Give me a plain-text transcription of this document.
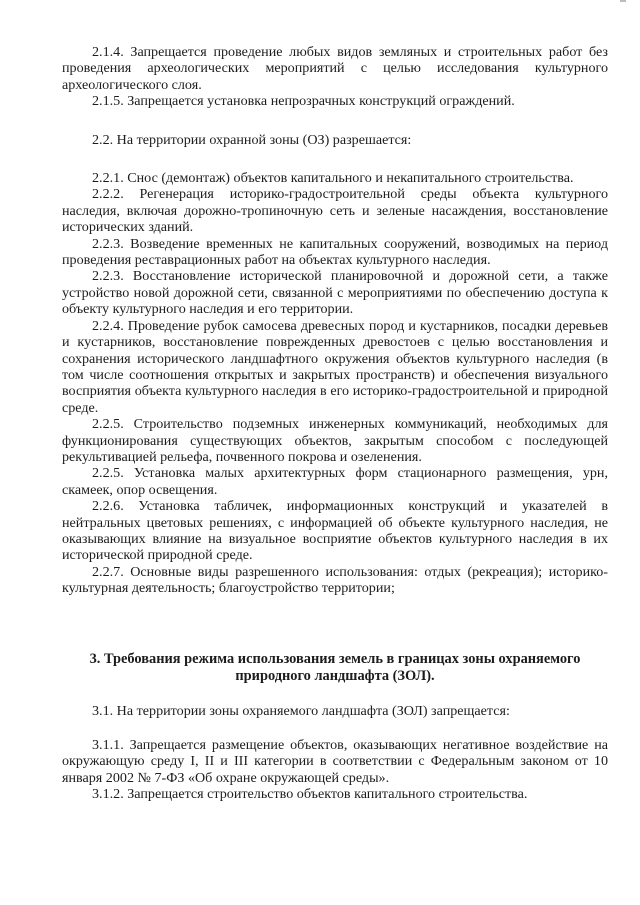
2.1.4. Запрещается проведение любых видов земляных и строительных работ без проведения археологических мероприятий с целью исследования культурного археологического слоя.

2.1.5. Запрещается установка непрозрачных конструкций ограждений.

2.2. На территории охранной зоны (ОЗ) разрешается:

2.2.1. Снос (демонтаж) объектов капитального и некапитального строительства.

2.2.2. Регенерация историко-градостроительной среды объекта культурного наследия, включая дорожно-тропиночную сеть и зеленые насаждения, восстановление исторических зданий.

2.2.3. Возведение временных не капитальных сооружений, возводимых на период проведения реставрационных работ на объектах культурного наследия.

2.2.3. Восстановление исторической планировочной и дорожной сети, а также устройство новой дорожной сети, связанной с мероприятиями по обеспечению доступа к объекту культурного наследия и его территории.

2.2.4. Проведение рубок самосева древесных пород и кустарников, посадки деревьев и кустарников, восстановление поврежденных древостоев с целью восстановления и сохранения исторического ландшафтного окружения объектов культурного наследия (в том числе соотношения открытых и закрытых пространств) и обеспечения визуального восприятия объекта культурного наследия в его историко-градостроительной и природной среде.

2.2.5. Строительство подземных инженерных коммуникаций, необходимых для функционирования существующих объектов, закрытым способом с последующей рекультивацией рельефа, почвенного покрова и озеленения.

2.2.5. Установка малых архитектурных форм стационарного размещения, урн, скамеек, опор освещения.

2.2.6. Установка табличек, информационных конструкций и указателей в нейтральных цветовых решениях, с информацией об объекте культурного наследия, не оказывающих влияние на визуальное восприятие объектов культурного наследия в их исторической природной среде.

2.2.7. Основные виды разрешенного использования: отдых (рекреация); историко-культурная деятельность; благоустройство территории;

3. Требования режима использования земель в границах зоны охраняемого природного ландшафта (ЗОЛ).

3.1. На территории зоны охраняемого ландшафта (ЗОЛ) запрещается:

3.1.1. Запрещается размещение объектов, оказывающих негативное воздействие на окружающую среду I, II и III категории в соответствии с Федеральным законом от 10 января 2002 № 7-ФЗ «Об охране окружающей среды».

3.1.2. Запрещается строительство объектов капитального строительства.
